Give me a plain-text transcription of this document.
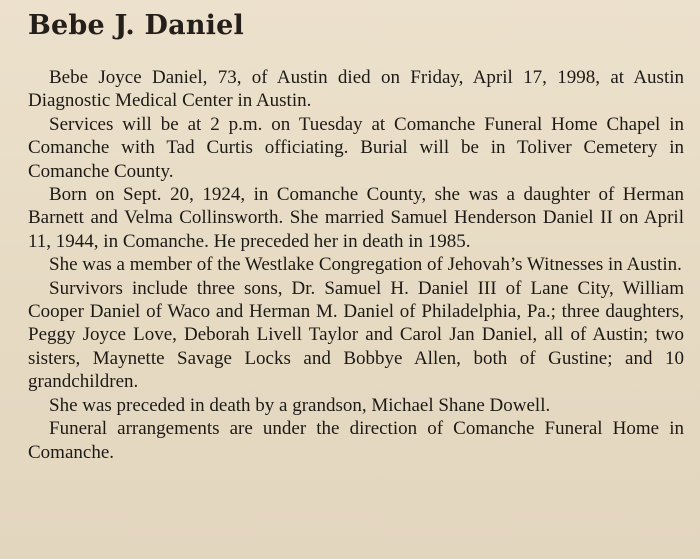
Bebe J. Daniel

Bebe Joyce Daniel, 73, of Austin died on Friday, April 17, 1998, at Austin Diagnostic Medical Center in Austin.

Services will be at 2 p.m. on Tuesday at Comanche Funeral Home Chapel in Comanche with Tad Curtis officiating. Burial will be in Toliver Cemetery in Comanche County.

Born on Sept. 20, 1924, in Comanche County, she was a daughter of Herman Barnett and Velma Collinsworth. She married Samuel Henderson Daniel II on April 11, 1944, in Comanche. He preceded her in death in 1985.

She was a member of the Westlake Congregation of Jehovah’s Witnesses in Austin.

Survivors include three sons, Dr. Samuel H. Daniel III of Lane City, William Cooper Daniel of Waco and Herman M. Daniel of Philadelphia, Pa.; three daughters, Peggy Joyce Love, Deborah Livell Taylor and Carol Jan Daniel, all of Austin; two sisters, Maynette Savage Locks and Bobbye Allen, both of Gustine; and 10 grandchildren.

She was preceded in death by a grandson, Michael Shane Dowell.

Funeral arrangements are under the direction of Comanche Funeral Home in Comanche.
